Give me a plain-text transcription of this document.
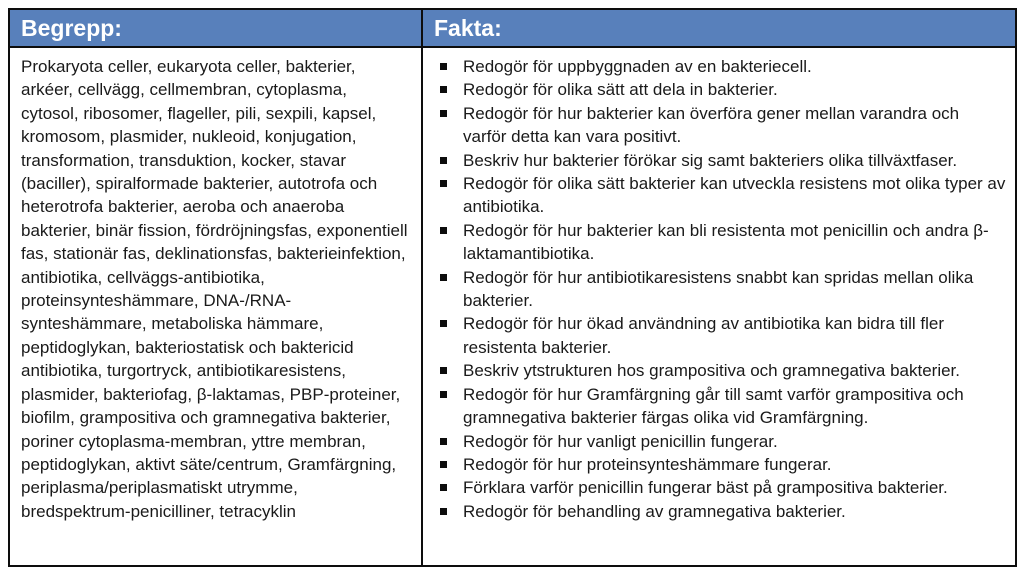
Begrepp:	Fakta:

Prokaryota celler, eukaryota celler, bakterier, arkéer, cellvägg, cellmembran, cytoplasma, cytosol, ribosomer, flageller, pili, sexpili, kapsel, kromosom, plasmider, nukleoid, konjugation, transformation, transduktion, kocker, stavar (baciller), spiralformade bakterier, autotrofa och heterotrofa bakterier, aeroba och anaeroba bakterier, binär fission, fördröjningsfas, exponentiell fas, stationär fas, deklinationsfas, bakterieinfektion, antibiotika, cellväggs-antibiotika, proteinsynteshämmare, DNA-/RNA-synteshämmare, metaboliska hämmare, peptidoglykan, bakteriostatisk och baktericid antibiotika, turgortryck, antibiotikaresistens, plasmider, bakteriofag, β-laktamas, PBP-proteiner, biofilm, grampositiva och gramnegativa bakterier, poriner cytoplasma-membran, yttre membran, peptidoglykan, aktivt säte/centrum, Gramfärgning, periplasma/periplasmatiskt utrymme, bredspektrum-penicilliner, tetracyklin

Redogör för uppbyggnaden av en bakteriecell.
Redogör för olika sätt att dela in bakterier.
Redogör för hur bakterier kan överföra gener mellan varandra och varför detta kan vara positivt.
Beskriv hur bakterier förökar sig samt bakteriers olika tillväxtfaser.
Redogör för olika sätt bakterier kan utveckla resistens mot olika typer av antibiotika.
Redogör för hur bakterier kan bli resistenta mot penicillin och andra β-laktamantibiotika.
Redogör för hur antibiotikaresistens snabbt kan spridas mellan olika bakterier.
Redogör för hur ökad användning av antibiotika kan bidra till fler resistenta bakterier.
Beskriv ytstrukturen hos grampositiva och gramnegativa bakterier.
Redogör för hur Gramfärgning går till samt varför grampositiva och gramnegativa bakterier färgas olika vid Gramfärgning.
Redogör för hur vanligt penicillin fungerar.
Redogör för hur proteinsynteshämmare fungerar.
Förklara varför penicillin fungerar bäst på grampositiva bakterier.
Redogör för behandling av gramnegativa bakterier.
